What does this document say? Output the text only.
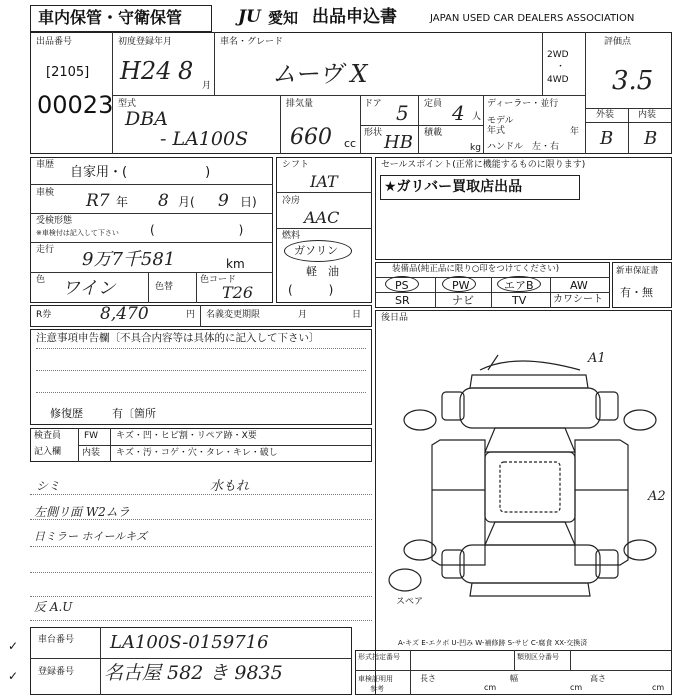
車内保管・守衛保管	JU 愛知 出品申込書	JAPAN USED CAR DEALERS ASSOCIATION
出品番号
[2105]
00023
初度登録年月
H24 8
月
車名・グレード
ムーヴ X
2WD
・
4WD
評価点
3.5
外装	内装
B B
型式
DBA
- LA100S
排気量
660 cc
ドア 5
形状 HB
定員 4 人
積載
kg
ディーラー・並行
モデル
年式	年
ハンドル　左・右
車歴 自家用・(　　　　　　)
車検 R7 年 8 月( 9 日)
受検形態
※車検付は記入して下さい	(　　　　　　　)
走行 9万7千581	km
色 ワイン	色替
色コード
T26
シフト
IAT
冷房
AAC
燃料
ガソリン
軽　油
(　　　)
セールスポイント(正常に機能するものに限ります)
★ガリバー買取店出品
装備品(純正品に限り○印をつけてください)
PS	PW	エアB	AW
SR	ナビ	TV	カワシート
新車保証書
有・無
R券	8,470	円 名義変更期限	月	日
注意事項申告欄〔不具合内容等は具体的に記入して下さい〕
修復歴	有〔箇所
後日品
検査員
記入欄
FW キズ・凹・ヒビ割・リペア跡・X要
内装 キズ・汚・コゲ・穴・タレ・キレ・破し
シミ	水もれ
左側リ面 W2ムラ
日ミラー ホイールキズ
反 A.U
A1
A2
スペア
A-キズ E-エクボ U-凹み W-補修跡 S-サビ C-腐食 XX-交換済
車台番号 LA100S-0159716
登録番号 名古屋 582 き 9835
形式指定番号	類別区分番号
車検証明用
参考
長さ	幅	高さ
cm	cm	cm
✓
✓
